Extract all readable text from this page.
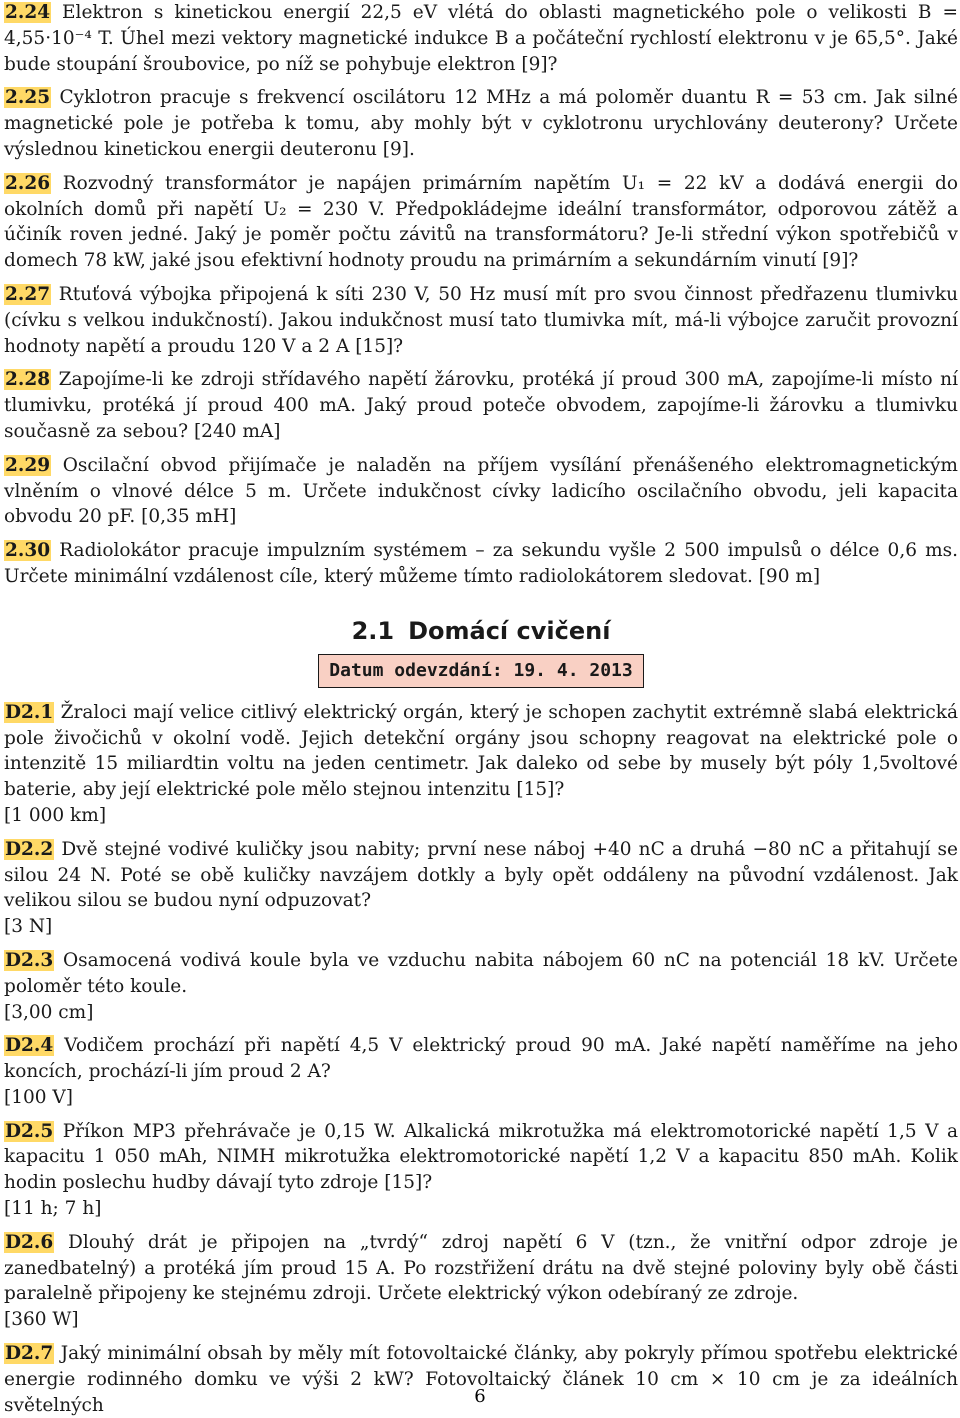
2.24 Elektron s kinetickou energií 22,5 eV vlétá do oblasti magnetického pole o velikosti B = 4,55·10⁻⁴ T. Úhel mezi vektory magnetické indukce B a počáteční rychlostí elektronu v je 65,5°. Jaké bude stoupání šroubovice, po níž se pohybuje elektron [9]?

2.25 Cyklotron pracuje s frekvencí oscilátoru 12 MHz a má poloměr duantu R = 53 cm. Jak silné magnetické pole je potřeba k tomu, aby mohly být v cyklotronu urychlovány deuterony? Určete výslednou kinetickou energii deuteronu [9].

2.26 Rozvodný transformátor je napájen primárním napětím U₁ = 22 kV a dodává energii do okolních domů při napětí U₂ = 230 V. Předpokládejme ideální transformátor, odporovou zátěž a účiník roven jedné. Jaký je poměr počtu závitů na transformátoru? Je-li střední výkon spotřebičů v domech 78 kW, jaké jsou efektivní hodnoty proudu na primárním a sekundárním vinutí [9]?

2.27 Rtuťová výbojka připojená k síti 230 V, 50 Hz musí mít pro svou činnost předřazenu tlumivku (cívku s velkou indukčností). Jakou indukčnost musí tato tlumivka mít, má-li výbojce zaručit provozní hodnoty napětí a proudu 120 V a 2 A [15]?

2.28 Zapojíme-li ke zdroji střídavého napětí žárovku, protéká jí proud 300 mA, zapojíme-li místo ní tlumivku, protéká jí proud 400 mA. Jaký proud poteče obvodem, zapojíme-li žárovku a tlumivku současně za sebou? [240 mA]

2.29 Oscilační obvod přijímače je naladěn na příjem vysílání přenášeného elektromagnetickým vlněním o vlnové délce 5 m. Určete indukčnost cívky ladicího oscilačního obvodu, jeli kapacita obvodu 20 pF. [0,35 mH]

2.30 Radiolokátor pracuje impulzním systémem – za sekundu vyšle 2 500 impulsů o délce 0,6 ms. Určete minimální vzdálenost cíle, který můžeme tímto radiolokátorem sledovat. [90 m]

2.1 Domácí cvičení
Datum odevzdání: 19. 4. 2013

D2.1 Žraloci mají velice citlivý elektrický orgán, který je schopen zachytit extrémně slabá elektrická pole živočichů v okolní vodě. Jejich detekční orgány jsou schopny reagovat na elektrické pole o intenzitě 15 miliardtin voltu na jeden centimetr. Jak daleko od sebe by musely být póly 1,5voltové baterie, aby její elektrické pole mělo stejnou intenzitu [15]?
[1 000 km]

D2.2 Dvě stejné vodivé kuličky jsou nabity; první nese náboj +40 nC a druhá −80 nC a přitahují se silou 24 N. Poté se obě kuličky navzájem dotkly a byly opět oddáleny na původní vzdálenost. Jak velikou silou se budou nyní odpuzovat?
[3 N]

D2.3 Osamocená vodivá koule byla ve vzduchu nabita nábojem 60 nC na potenciál 18 kV. Určete poloměr této koule.
[3,00 cm]

D2.4 Vodičem prochází při napětí 4,5 V elektrický proud 90 mA. Jaké napětí naměříme na jeho koncích, prochází-li jím proud 2 A?
[100 V]

D2.5 Příkon MP3 přehrávače je 0,15 W. Alkalická mikrotužka má elektromotorické napětí 1,5 V a kapacitu 1 050 mAh, NIMH mikrotužka elektromotorické napětí 1,2 V a kapacitu 850 mAh. Kolik hodin poslechu hudby dávají tyto zdroje [15]?
[11 h; 7 h]

D2.6 Dlouhý drát je připojen na „tvrdý“ zdroj napětí 6 V (tzn., že vnitřní odpor zdroje je zanedbatelný) a protéká jím proud 15 A. Po rozstřižení drátu na dvě stejné poloviny byly obě části paralelně připojeny ke stejnému zdroji. Určete elektrický výkon odebíraný ze zdroje.
[360 W]

D2.7 Jaký minimální obsah by měly mít fotovoltaické články, aby pokryly přímou spotřebu elektrické energie rodinného domku ve výši 2 kW? Fotovoltaický článek 10 cm × 10 cm je za ideálních světelných	6
